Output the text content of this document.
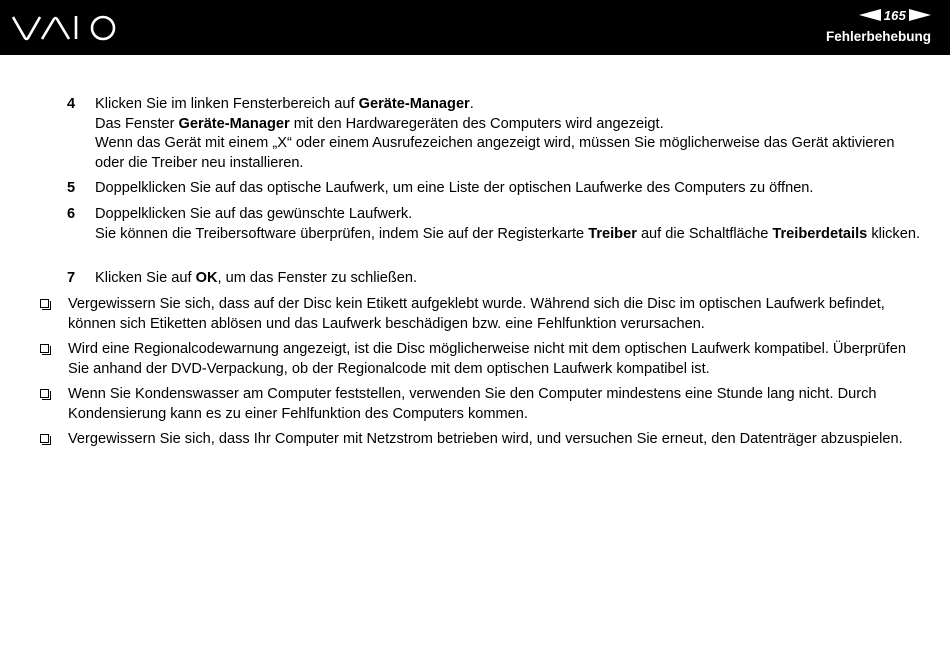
165
Fehlerbehebung
4 Klicken Sie im linken Fensterbereich auf Geräte-Manager.

Das Fenster Geräte-Manager mit den Hardwaregeräten des Computers wird angezeigt.

Wenn das Gerät mit einem „X“ oder einem Ausrufezeichen angezeigt wird, müssen Sie möglicherweise das Gerät aktivieren oder die Treiber neu installieren.

5 Doppelklicken Sie auf das optische Laufwerk, um eine Liste der optischen Laufwerke des Computers zu öffnen.

6 Doppelklicken Sie auf das gewünschte Laufwerk.

Sie können die Treibersoftware überprüfen, indem Sie auf der Registerkarte Treiber auf die Schaltfläche Treiberdetails klicken.

7 Klicken Sie auf OK, um das Fenster zu schließen.

Vergewissern Sie sich, dass auf der Disc kein Etikett aufgeklebt wurde. Während sich die Disc im optischen Laufwerk befindet, können sich Etiketten ablösen und das Laufwerk beschädigen bzw. eine Fehlfunktion verursachen.

Wird eine Regionalcodewarnung angezeigt, ist die Disc möglicherweise nicht mit dem optischen Laufwerk kompatibel. Überprüfen Sie anhand der DVD-Verpackung, ob der Regionalcode mit dem optischen Laufwerk kompatibel ist.

Wenn Sie Kondenswasser am Computer feststellen, verwenden Sie den Computer mindestens eine Stunde lang nicht. Durch Kondensierung kann es zu einer Fehlfunktion des Computers kommen.

Vergewissern Sie sich, dass Ihr Computer mit Netzstrom betrieben wird, und versuchen Sie erneut, den Datenträger abzuspielen.
